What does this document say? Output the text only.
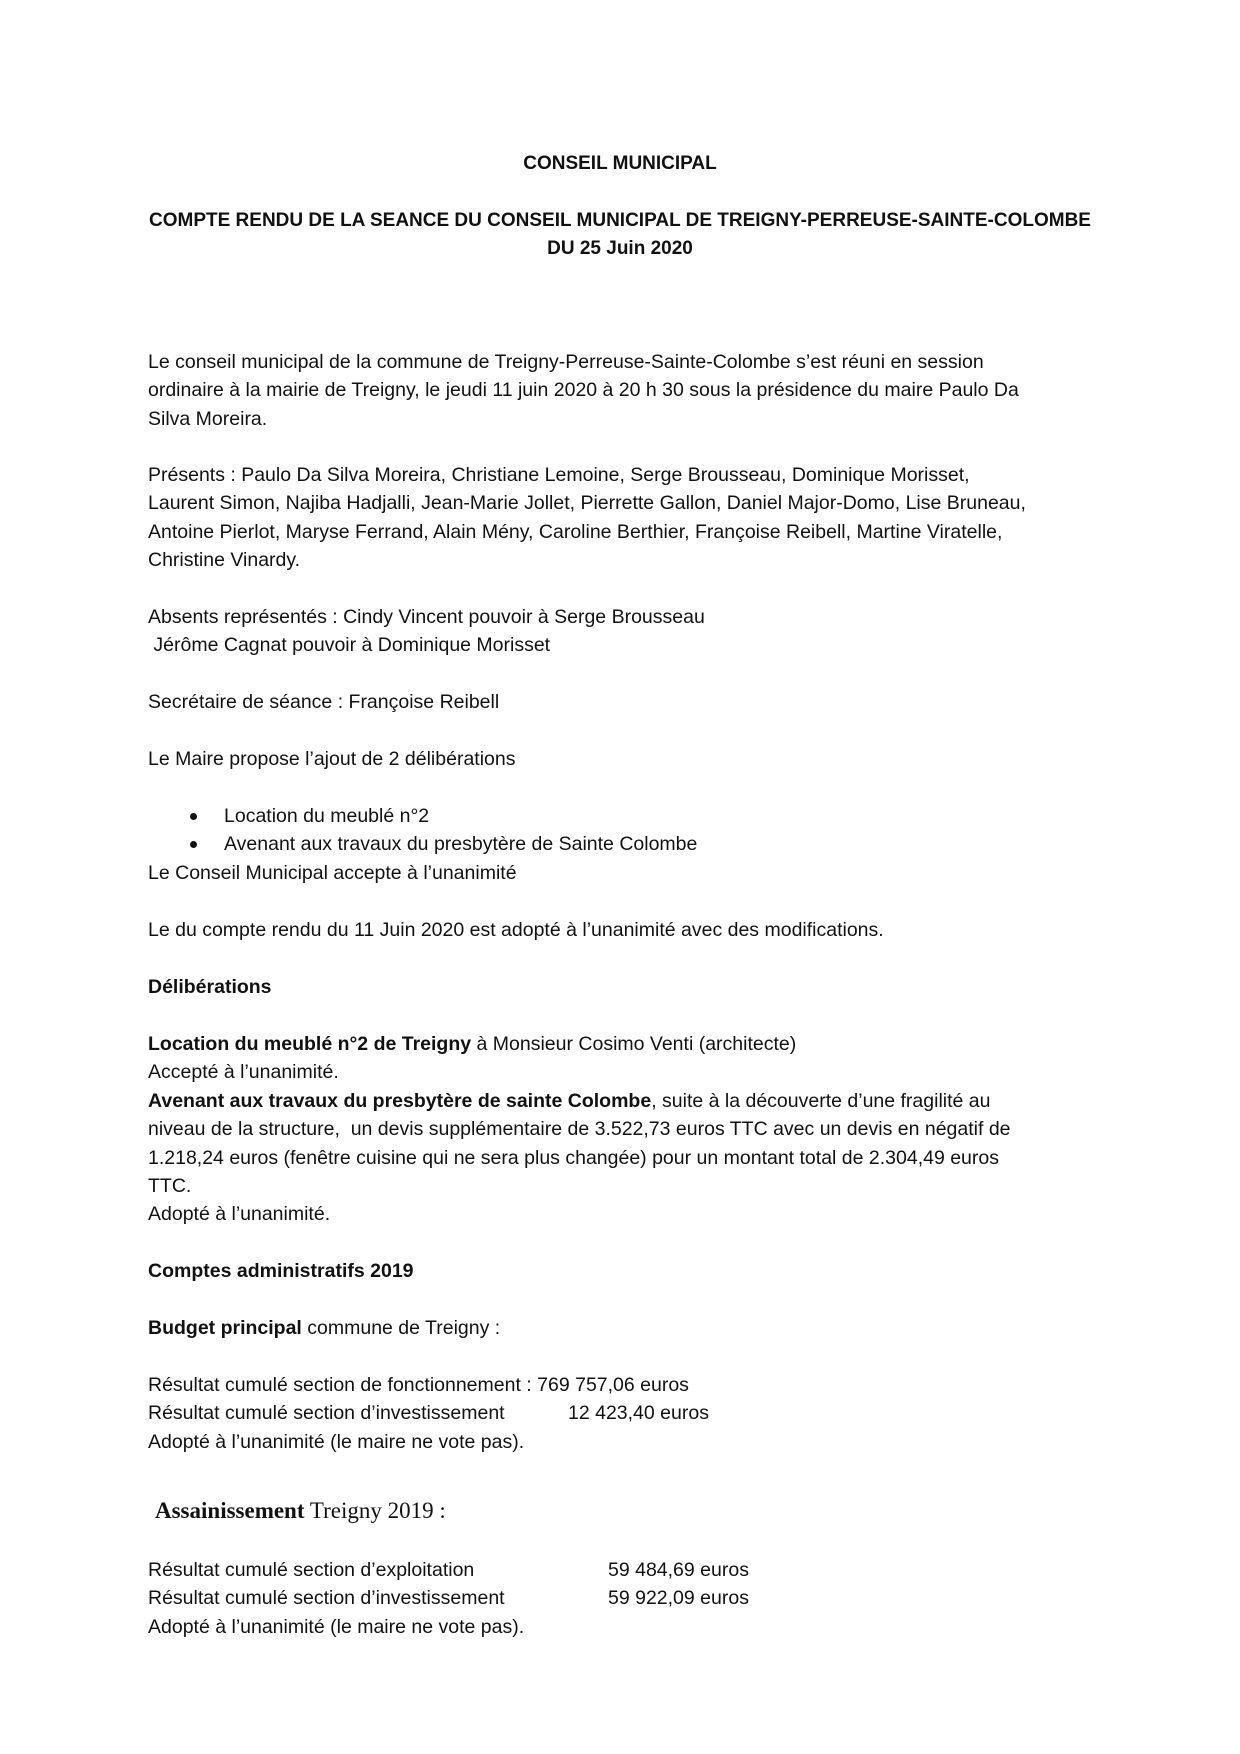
CONSEIL MUNICIPAL
COMPTE RENDU DE LA SEANCE DU CONSEIL MUNICIPAL DE TREIGNY-PERREUSE-SAINTE-COLOMBE
DU 25 Juin 2020
Le conseil municipal de la commune de Treigny-Perreuse-Sainte-Colombe s’est réuni en session
ordinaire à la mairie de Treigny, le jeudi 11 juin 2020 à 20 h 30 sous la présidence du maire Paulo Da
Silva Moreira.
Présents : Paulo Da Silva Moreira, Christiane Lemoine, Serge Brousseau, Dominique Morisset,
Laurent Simon, Najiba Hadjalli, Jean-Marie Jollet, Pierrette Gallon, Daniel Major-Domo, Lise Bruneau,
Antoine Pierlot, Maryse Ferrand, Alain Mény, Caroline Berthier, Françoise Reibell, Martine Viratelle,
Christine Vinardy.
Absents représentés : Cindy Vincent pouvoir à Serge Brousseau
Jérôme Cagnat pouvoir à Dominique Morisset
Secrétaire de séance : Françoise Reibell
Le Maire propose l’ajout de 2 délibérations
Location du meublé n°2
Avenant aux travaux du presbytère de Sainte Colombe
Le Conseil Municipal accepte à l’unanimité
Le du compte rendu du 11 Juin 2020 est adopté à l’unanimité avec des modifications.
Délibérations
Location du meublé n°2 de Treigny à Monsieur Cosimo Venti (architecte)
Accepté à l’unanimité.
Avenant aux travaux du presbytère de sainte Colombe, suite à la découverte d’une fragilité au
niveau de la structure,  un devis supplémentaire de 3.522,73 euros TTC avec un devis en négatif de
1.218,24 euros (fenêtre cuisine qui ne sera plus changée) pour un montant total de 2.304,49 euros
TTC.
Adopté à l’unanimité.
Comptes administratifs 2019
Budget principal commune de Treigny :
Résultat cumulé section de fonctionnement : 769 757,06 euros
Résultat cumulé section d’investissement	12 423,40 euros
Adopté à l’unanimité (le maire ne vote pas).
Assainissement Treigny 2019 :
Résultat cumulé section d’exploitation	59 484,69 euros
Résultat cumulé section d’investissement	59 922,09 euros
Adopté à l’unanimité (le maire ne vote pas).
